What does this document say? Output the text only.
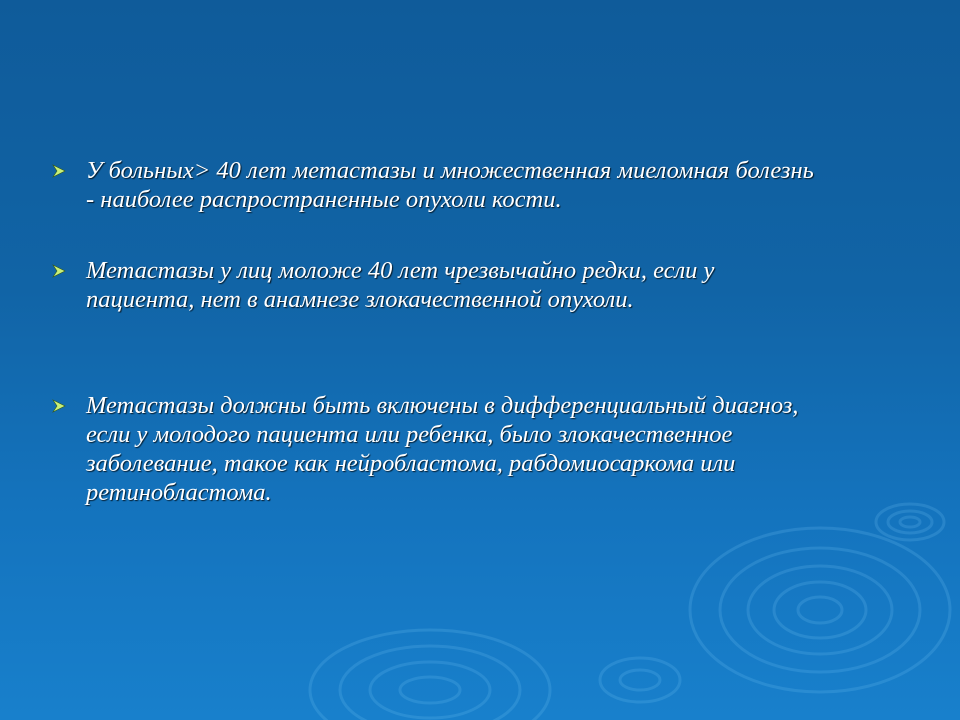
У больных> 40 лет метастазы и множественная миеломная болезнь
- наиболее распространенные опухоли кости.
Метастазы у лиц моложе 40 лет чрезвычайно редки, если у
пациента, нет в анамнезе злокачественной опухоли.
Метастазы должны быть включены в дифференциальный диагноз,
если у молодого пациента или ребенка, было злокачественное
заболевание, такое как нейробластома, рабдомиосаркома или
ретинобластома.
